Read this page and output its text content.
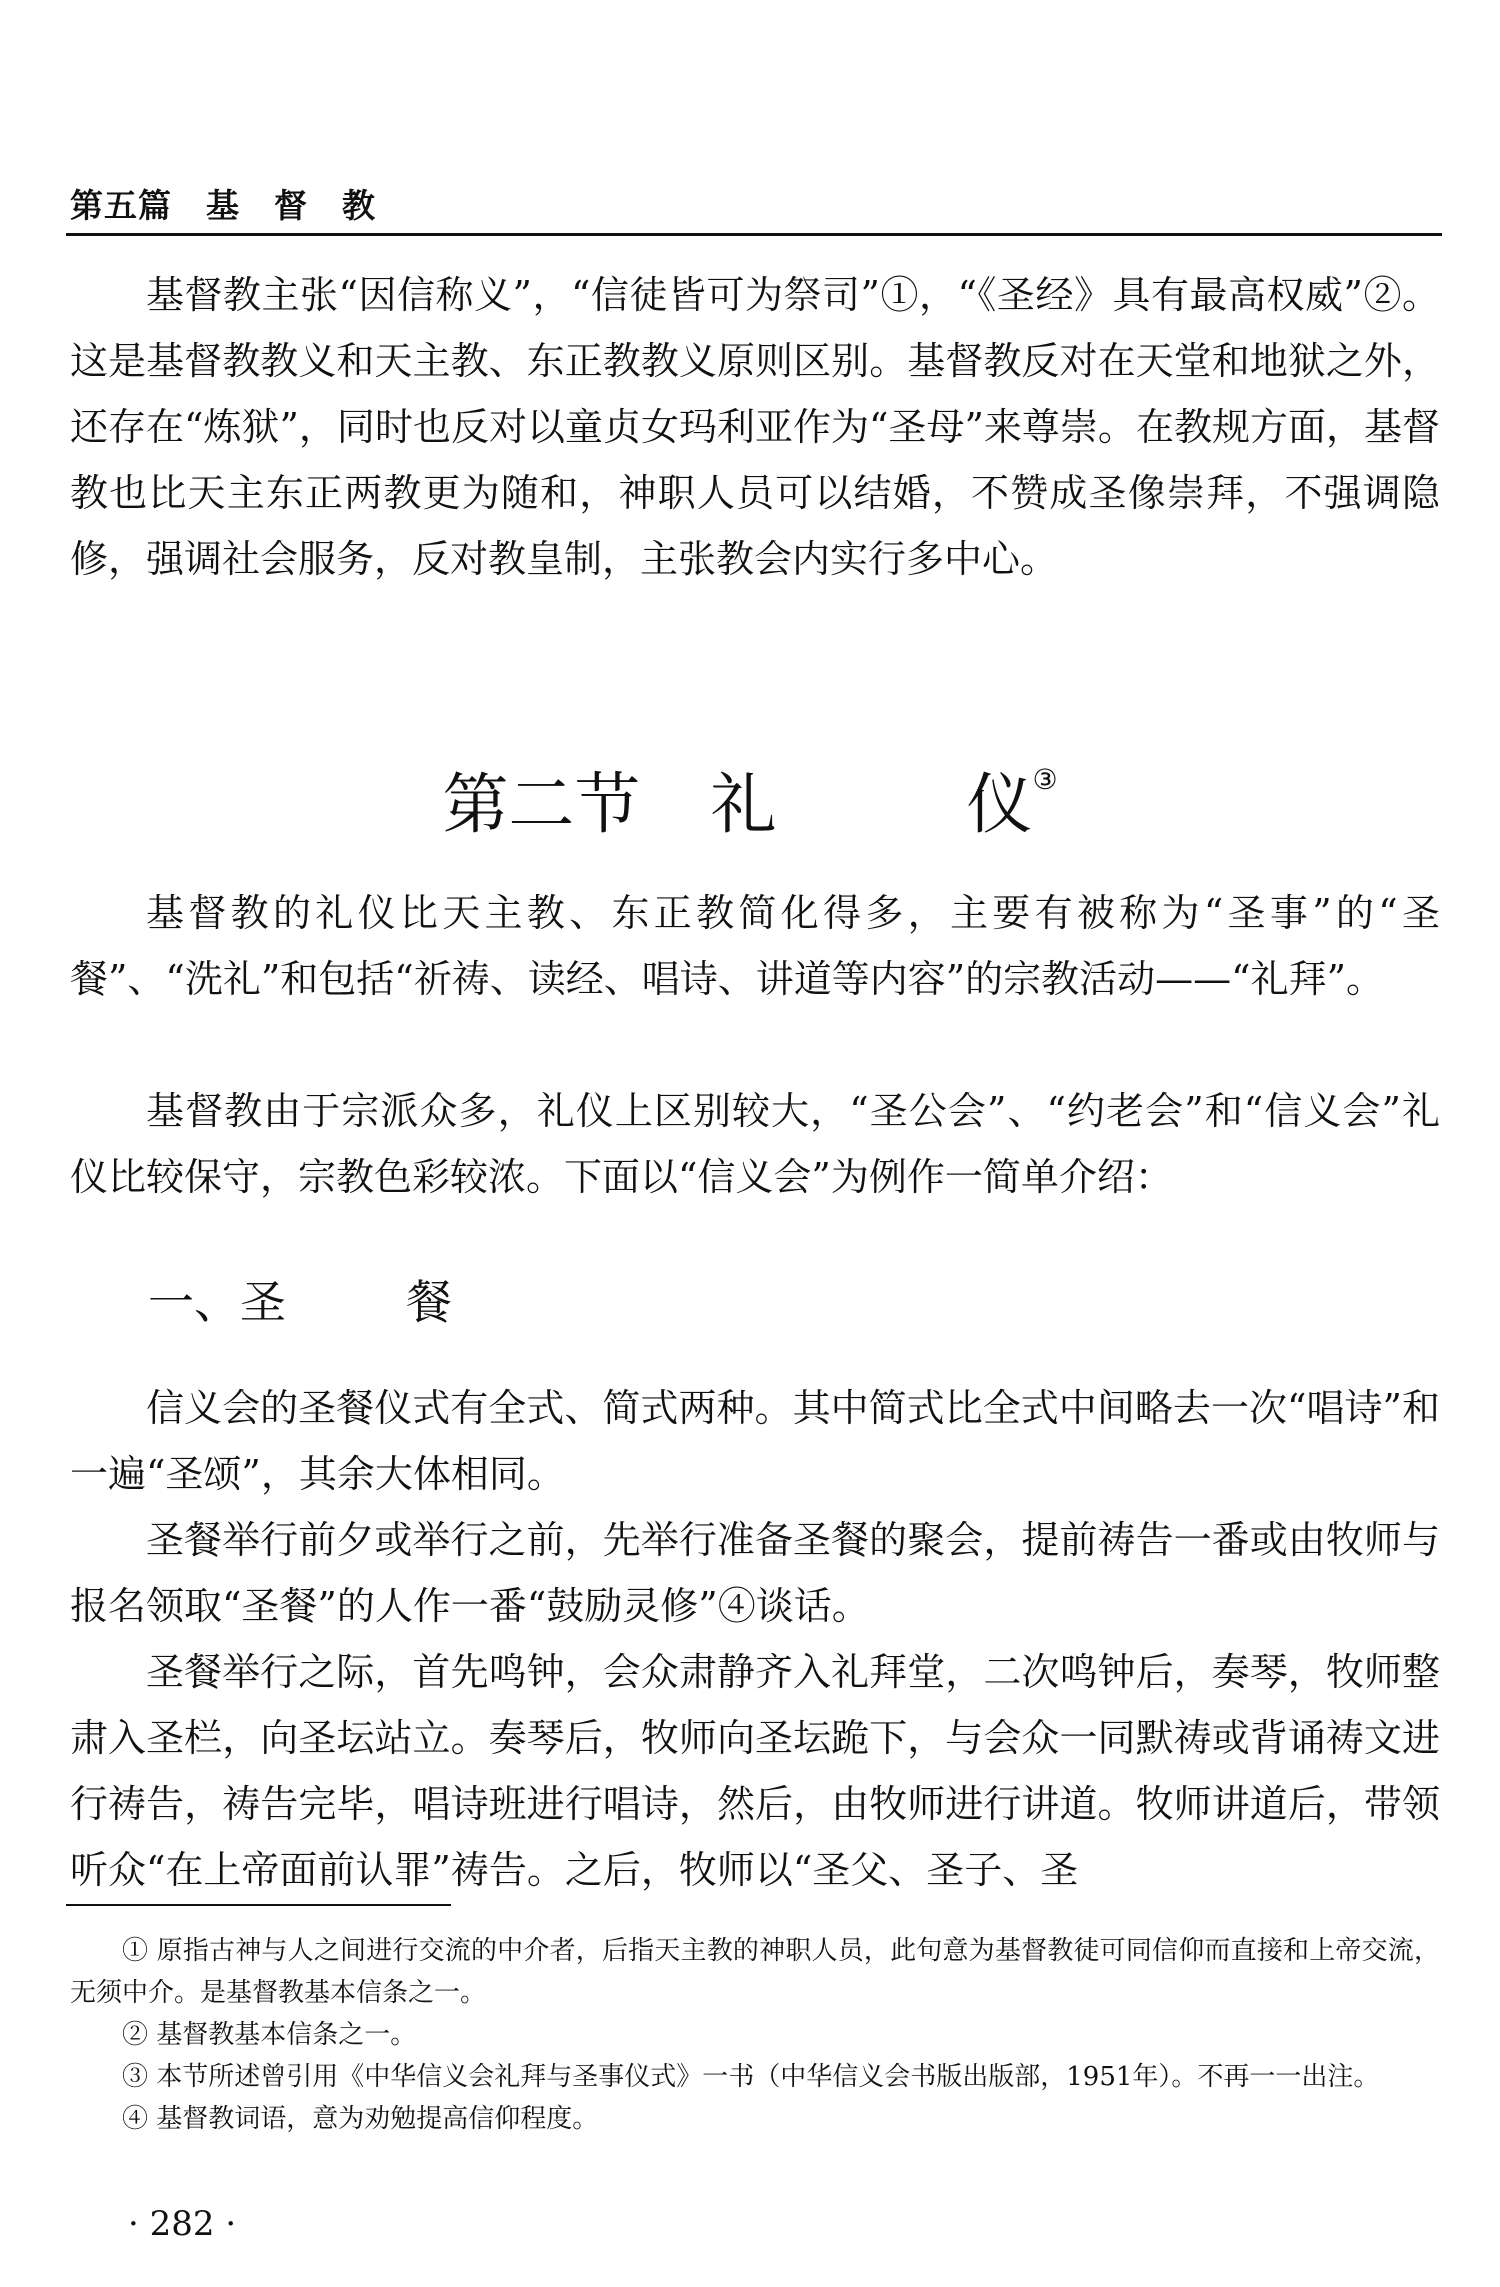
第五篇 基 督 教

基督教主张“因信称义”，“信徒皆可为祭司”①，“《圣经》具有最高权威”②。这是基督教教义和天主教、东正教教义原则区别。基督教反对在天堂和地狱之外，还存在“炼狱”，同时也反对以童贞女玛利亚作为“圣母”来尊崇。在教规方面，基督教也比天主东正两教更为随和，神职人员可以结婚，不赞成圣像崇拜，不强调隐修，强调社会服务，反对教皇制，主张教会内实行多中心。

第二节 礼	仪③

基督教的礼仪比天主教、东正教简化得多，主要有被称为“圣事”的“圣餐”、“洗礼”和包括“祈祷、读经、唱诗、讲道等内容”的宗教活动——“礼拜”。

基督教由于宗派众多，礼仪上区别较大，“圣公会”、“约老会”和“信义会”礼仪比较保守，宗教色彩较浓。下面以“信义会”为例作一简单介绍：

一、圣	餐

信义会的圣餐仪式有全式、简式两种。其中简式比全式中间略去一次“唱诗”和一遍“圣颂”，其余大体相同。

圣餐举行前夕或举行之前，先举行准备圣餐的聚会，提前祷告一番或由牧师与报名领取“圣餐”的人作一番“鼓励灵修”④谈话。

圣餐举行之际，首先鸣钟，会众肃静齐入礼拜堂，二次鸣钟后，奏琴，牧师整肃入圣栏，向圣坛站立。奏琴后，牧师向圣坛跪下，与会众一同默祷或背诵祷文进行祷告，祷告完毕，唱诗班进行唱诗，然后，由牧师进行讲道。牧师讲道后，带领听众“在上帝面前认罪”祷告。之后，牧师以“圣父、圣子、圣

① 原指古神与人之间进行交流的中介者，后指天主教的神职人员，此句意为基督教徒可同信仰而直接和上帝交流，无须中介。是基督教基本信条之一。

② 基督教基本信条之一。

③ 本节所述曾引用《中华信义会礼拜与圣事仪式》一书（中华信义会书版出版部，1951年）。不再一一出注。

④ 基督教词语，意为劝勉提高信仰程度。

· 282 ·
